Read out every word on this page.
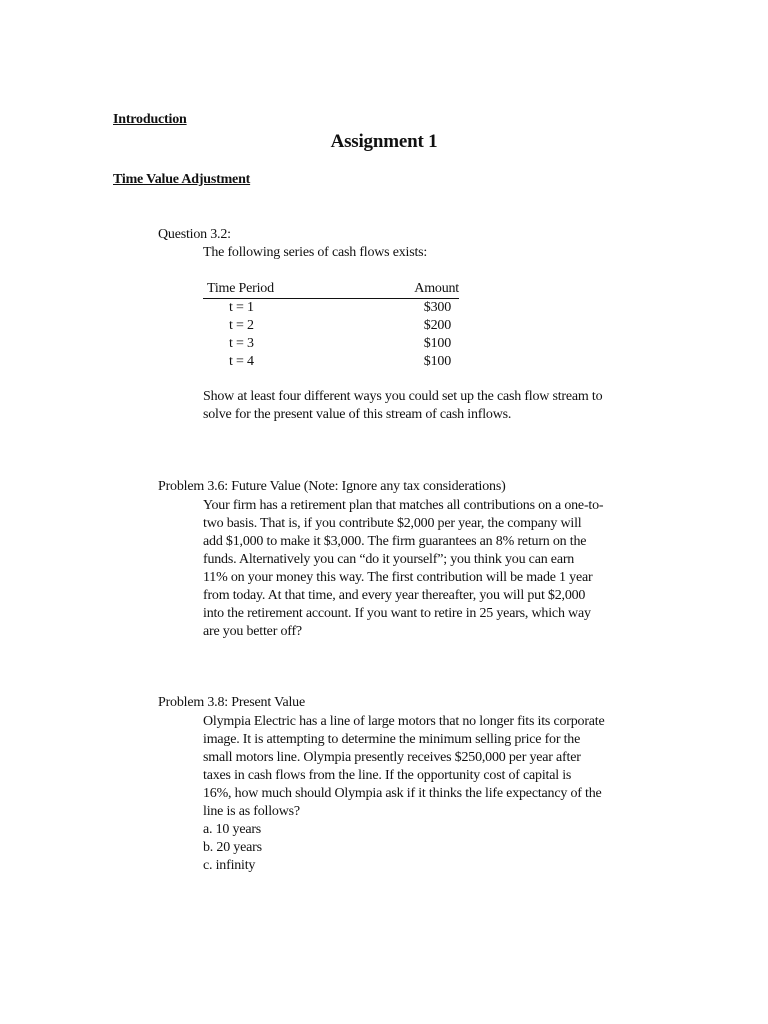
Introduction
Assignment 1
Time Value Adjustment
Question 3.2:
The following series of cash flows exists:
Time Period	Amount
t = 1	$300
t = 2	$200
t = 3	$100
t = 4	$100
Show at least four different ways you could set up the cash flow stream to
solve for the present value of this stream of cash inflows.
Problem 3.6: Future Value (Note: Ignore any tax considerations)
Your firm has a retirement plan that matches all contributions on a one-to-
two basis. That is, if you contribute $2,000 per year, the company will
add $1,000 to make it $3,000. The firm guarantees an 8% return on the
funds. Alternatively you can “do it yourself”; you think you can earn
11% on your money this way. The first contribution will be made 1 year
from today. At that time, and every year thereafter, you will put $2,000
into the retirement account. If you want to retire in 25 years, which way
are you better off?
Problem 3.8: Present Value
Olympia Electric has a line of large motors that no longer fits its corporate
image. It is attempting to determine the minimum selling price for the
small motors line. Olympia presently receives $250,000 per year after
taxes in cash flows from the line. If the opportunity cost of capital is
16%, how much should Olympia ask if it thinks the life expectancy of the
line is as follows?
a. 10 years
b. 20 years
c. infinity
